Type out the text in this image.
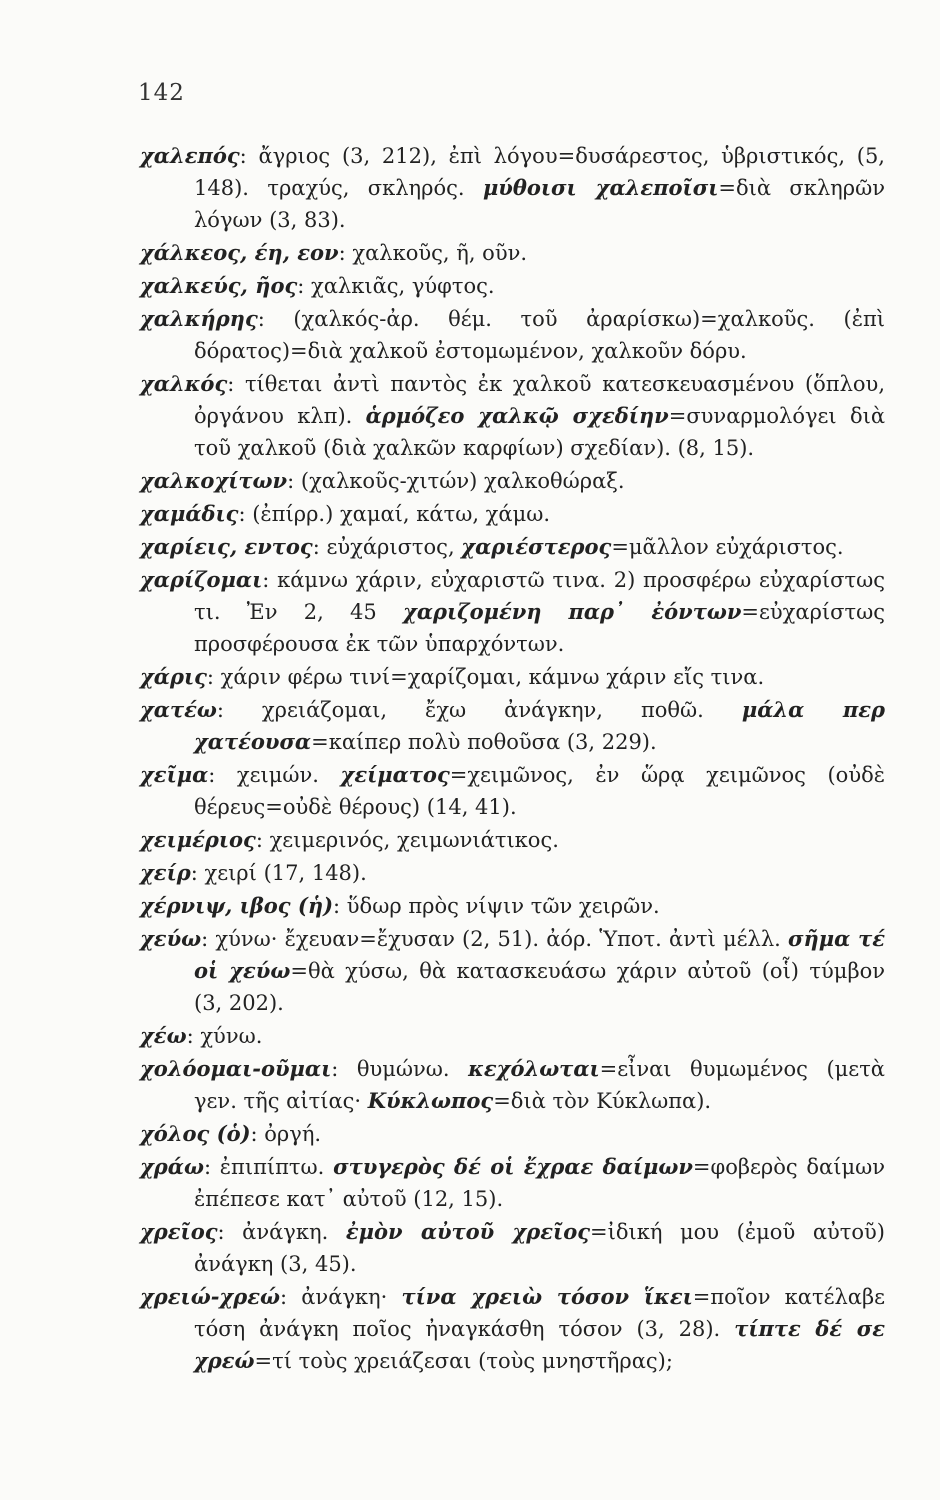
142

χαλεπός: ἄγριος (3, 212), ἐπὶ λόγου=δυσάρεστος, ὑβριστικός, (5, 148). τραχύς, σκληρός. μύθοισι χαλεποῖσι=διὰ σκληρῶν λόγων (3, 83).

χάλκεος, έη, εον: χαλκοῦς, ῆ, οῦν.

χαλκεύς, ῆος: χαλκιᾶς, γύφτος.

χαλκήρης: (χαλκός-ἀρ. θέμ. τοῦ ἀραρίσκω)=χαλκοῦς. (ἐπὶ δόρατος)=διὰ χαλκοῦ ἐστομωμένον, χαλκοῦν δόρυ.

χαλκός: τίθεται ἀντὶ παντὸς ἐκ χαλκοῦ κατεσκευασμένου (ὅπλου, ὀργάνου κλπ). ἁρμόζεο χαλκῷ σχεδίην=συναρμολόγει διὰ τοῦ χαλκοῦ (διὰ χαλκῶν καρφίων) σχεδίαν). (8, 15).

χαλκοχίτων: (χαλκοῦς-χιτών) χαλκοθώραξ.

χαμάδις: (ἐπίρρ.) χαμαί, κάτω, χάμω.

χαρίεις, εντος: εὐχάριστος, χαριέστερος=μᾶλλον εὐχάριστος.

χαρίζομαι: κάμνω χάριν, εὐχαριστῶ τινα. 2) προσφέρω εὐχαρίστως τι. Ἐν 2, 45 χαριζομένη παρ᾽ ἐόντων=εὐχαρίστως προσφέρουσα ἐκ τῶν ὑπαρχόντων.

χάρις: χάριν φέρω τινί=χαρίζομαι, κάμνω χάριν εἴς τινα.

χατέω: χρειάζομαι, ἔχω ἀνάγκην, ποθῶ. μάλα περ χατέουσα=καίπερ πολὺ ποθοῦσα (3, 229).

χεῖμα: χειμών. χείματος=χειμῶνος, ἐν ὥρᾳ χειμῶνος (οὐδὲ θέρευς=οὐδὲ θέρους) (14, 41).

χειμέριος: χειμερινός, χειμωνιάτικος.

χείρ: χειρί (17, 148).

χέρνιψ, ιβος (ἡ): ὕδωρ πρὸς νίψιν τῶν χειρῶν.

χεύω: χύνω· ἔχευαν=ἔχυσαν (2, 51). ἀόρ. Ὑποτ. ἀντὶ μέλλ. σῆμα τέ οἱ χεύω=θὰ χύσω, θὰ κατασκευάσω χάριν αὐτοῦ (οἷ) τύμβον (3, 202).

χέω: χύνω.

χολόομαι-οῦμαι: θυμώνω. κεχόλωται=εἶναι θυμωμένος (μετὰ γεν. τῆς αἰτίας· Κύκλωπος=διὰ τὸν Κύκλωπα).

χόλος (ὁ): ὀργή.

χράω: ἐπιπίπτω. στυγερὸς δέ οἱ ἔχραε δαίμων=φοβερὸς δαίμων ἐπέπεσε κατ᾽ αὐτοῦ (12, 15).

χρεῖος: ἀνάγκη. ἐμὸν αὐτοῦ χρεῖος=ἰδική μου (ἐμοῦ αὐτοῦ) ἀνάγκη (3, 45).

χρειώ-χρεώ: ἀνάγκη· τίνα χρειὼ τόσον ἵκει=ποῖον κατέλαβε τόση ἀνάγκη ποῖος ἠναγκάσθη τόσον (3, 28). τίπτε δέ σε χρεώ=τί τοὺς χρειάζεσαι (τοὺς μνηστῆρας);
